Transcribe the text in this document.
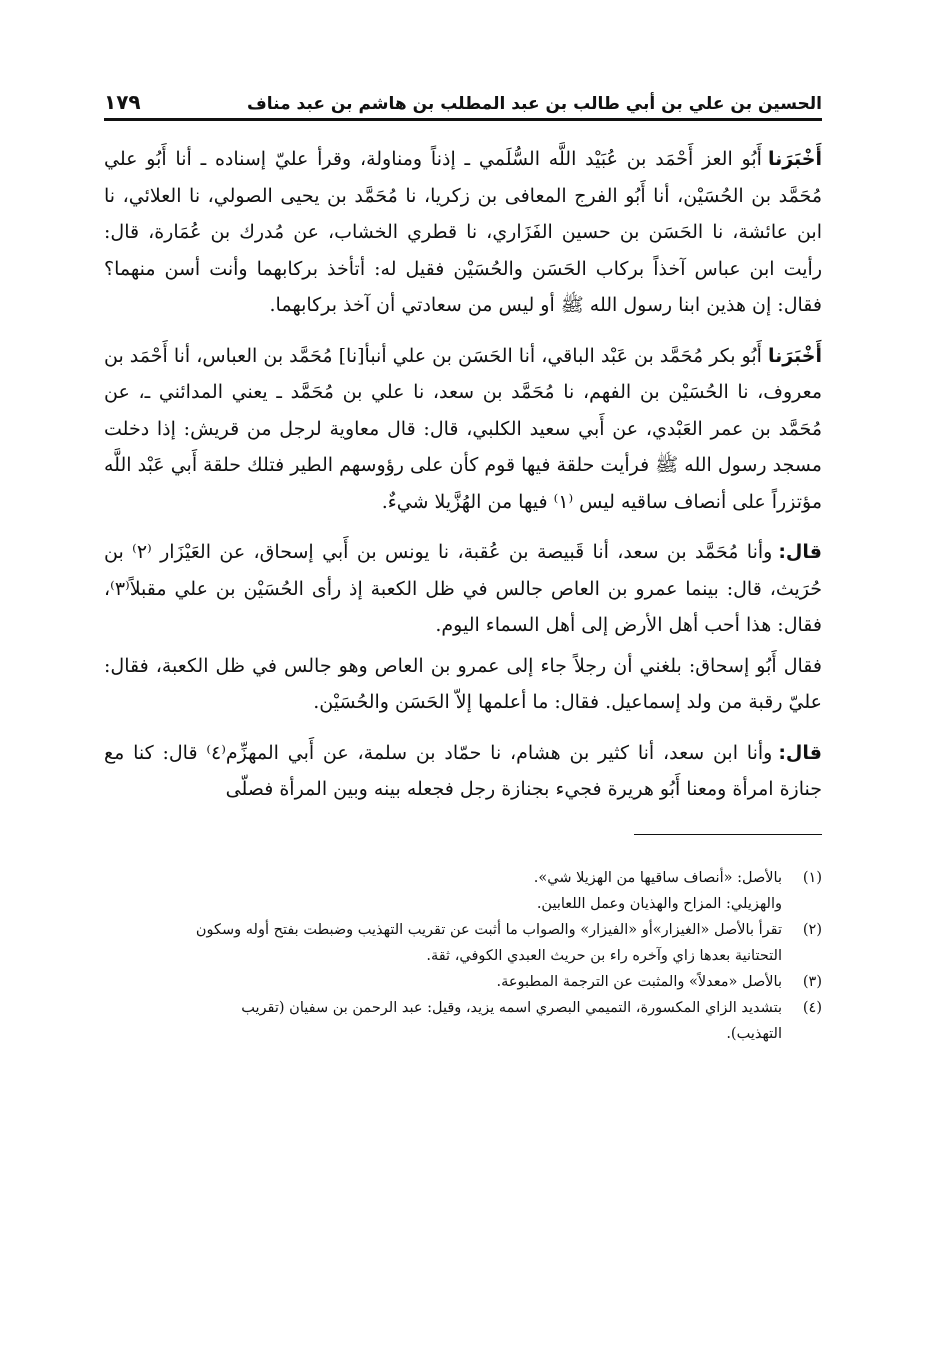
الحسين بن علي بن أبي طالب بن عبد المطلب بن هاشم بن عبد مناف
١٧٩

أَخْبَرَناأَبُو العز أَحْمَد بن عُبَيْد اللَّه السُّلَمي ـ إذناً ومناولة، وقرأ عليّ إسناده ـ أنا أَبُو علي مُحَمَّد بن الحُسَيْن، أنا أَبُو الفرج المعافى بن زكريا، نا مُحَمَّد بن يحيى الصولي، نا العلائي، نا ابن عائشة، نا الحَسَن بن حسين الفَزَاري، نا قطري الخشاب، عن مُدرك بن عُمَارة، قال: رأيت ابن عباس آخذاً بركاب الحَسَن والحُسَيْن فقيل له: أتأخذ بركابهما وأنت أسن منهما؟ فقال: إن هذين ابنا رسول الله ﷺ أو ليس من سعادتي أن آخذ بركابهما.

أَخْبَرَناأَبُو بكر مُحَمَّد بن عَبْد الباقي، أنا الحَسَن بن علي أنبأ[نا] مُحَمَّد بن العباس، أنا أَحْمَد بن معروف، نا الحُسَيْن بن الفهم، نا مُحَمَّد بن سعد، نا علي بن مُحَمَّد ـ يعني المدائني ـ، عن مُحَمَّد بن عمر العَبْدي، عن أَبي سعيد الكلبي، قال: قال معاوية لرجل من قريش: إذا دخلت مسجد رسول الله ﷺ فرأيت حلقة فيها قوم كأن على رؤوسهم الطير فتلك حلقة أَبي عَبْد اللَّه مؤتزراً على أنصاف ساقيه ليس ⁽١⁾ فيها من الهُزَّيلا شيءٌ.

قال:وأنا مُحَمَّد بن سعد، أنا قَبيصة بن عُقبة، نا يونس بن أَبي إسحاق، عن العَيْزَار ⁽٢⁾ بن حُرَيث، قال: بينما عمرو بن العاص جالس في ظل الكعبة إذ رأى الحُسَيْن بن علي مقبلاً⁽٣⁾، فقال: هذا أحب أهل الأرض إلى أهل السماء اليوم.

فقال أَبُو إسحاق: بلغني أن رجلاً جاء إلى عمرو بن العاص وهو جالس في ظل الكعبة، فقال: عليّ رقبة من ولد إسماعيل. فقال: ما أعلمها إلاّ الحَسَن والحُسَيْن.

قال:وأنا ابن سعد، أنا كثير بن هشام، نا حمّاد بن سلمة، عن أَبي المهزِّم⁽٤⁾ قال: كنا مع جنازة امرأة ومعنا أَبُو هريرة فجيء بجنازة رجل فجعله بينه وبين المرأة فصلّى

(١)
بالأصل: «أنصاف ساقيها من الهزيلا شي».
والهزيلي: المزاح والهذيان وعمل اللعابين.
(٢)
تقرأ بالأصل «الغيزار»أو «الفيزار» والصواب ما أثبت عن تقريب التهذيب وضبطت بفتح أوله وسكون
التحتانية بعدها زاي وآخره راء بن حريث العبدي الكوفي، ثقة.
(٣)
بالأصل «معدلاً» والمثبت عن الترجمة المطبوعة.
(٤)
بتشديد الزاي المكسورة، التميمي البصري اسمه يزيد، وقيل: عبد الرحمن بن سفيان (تقريب
التهذيب).
